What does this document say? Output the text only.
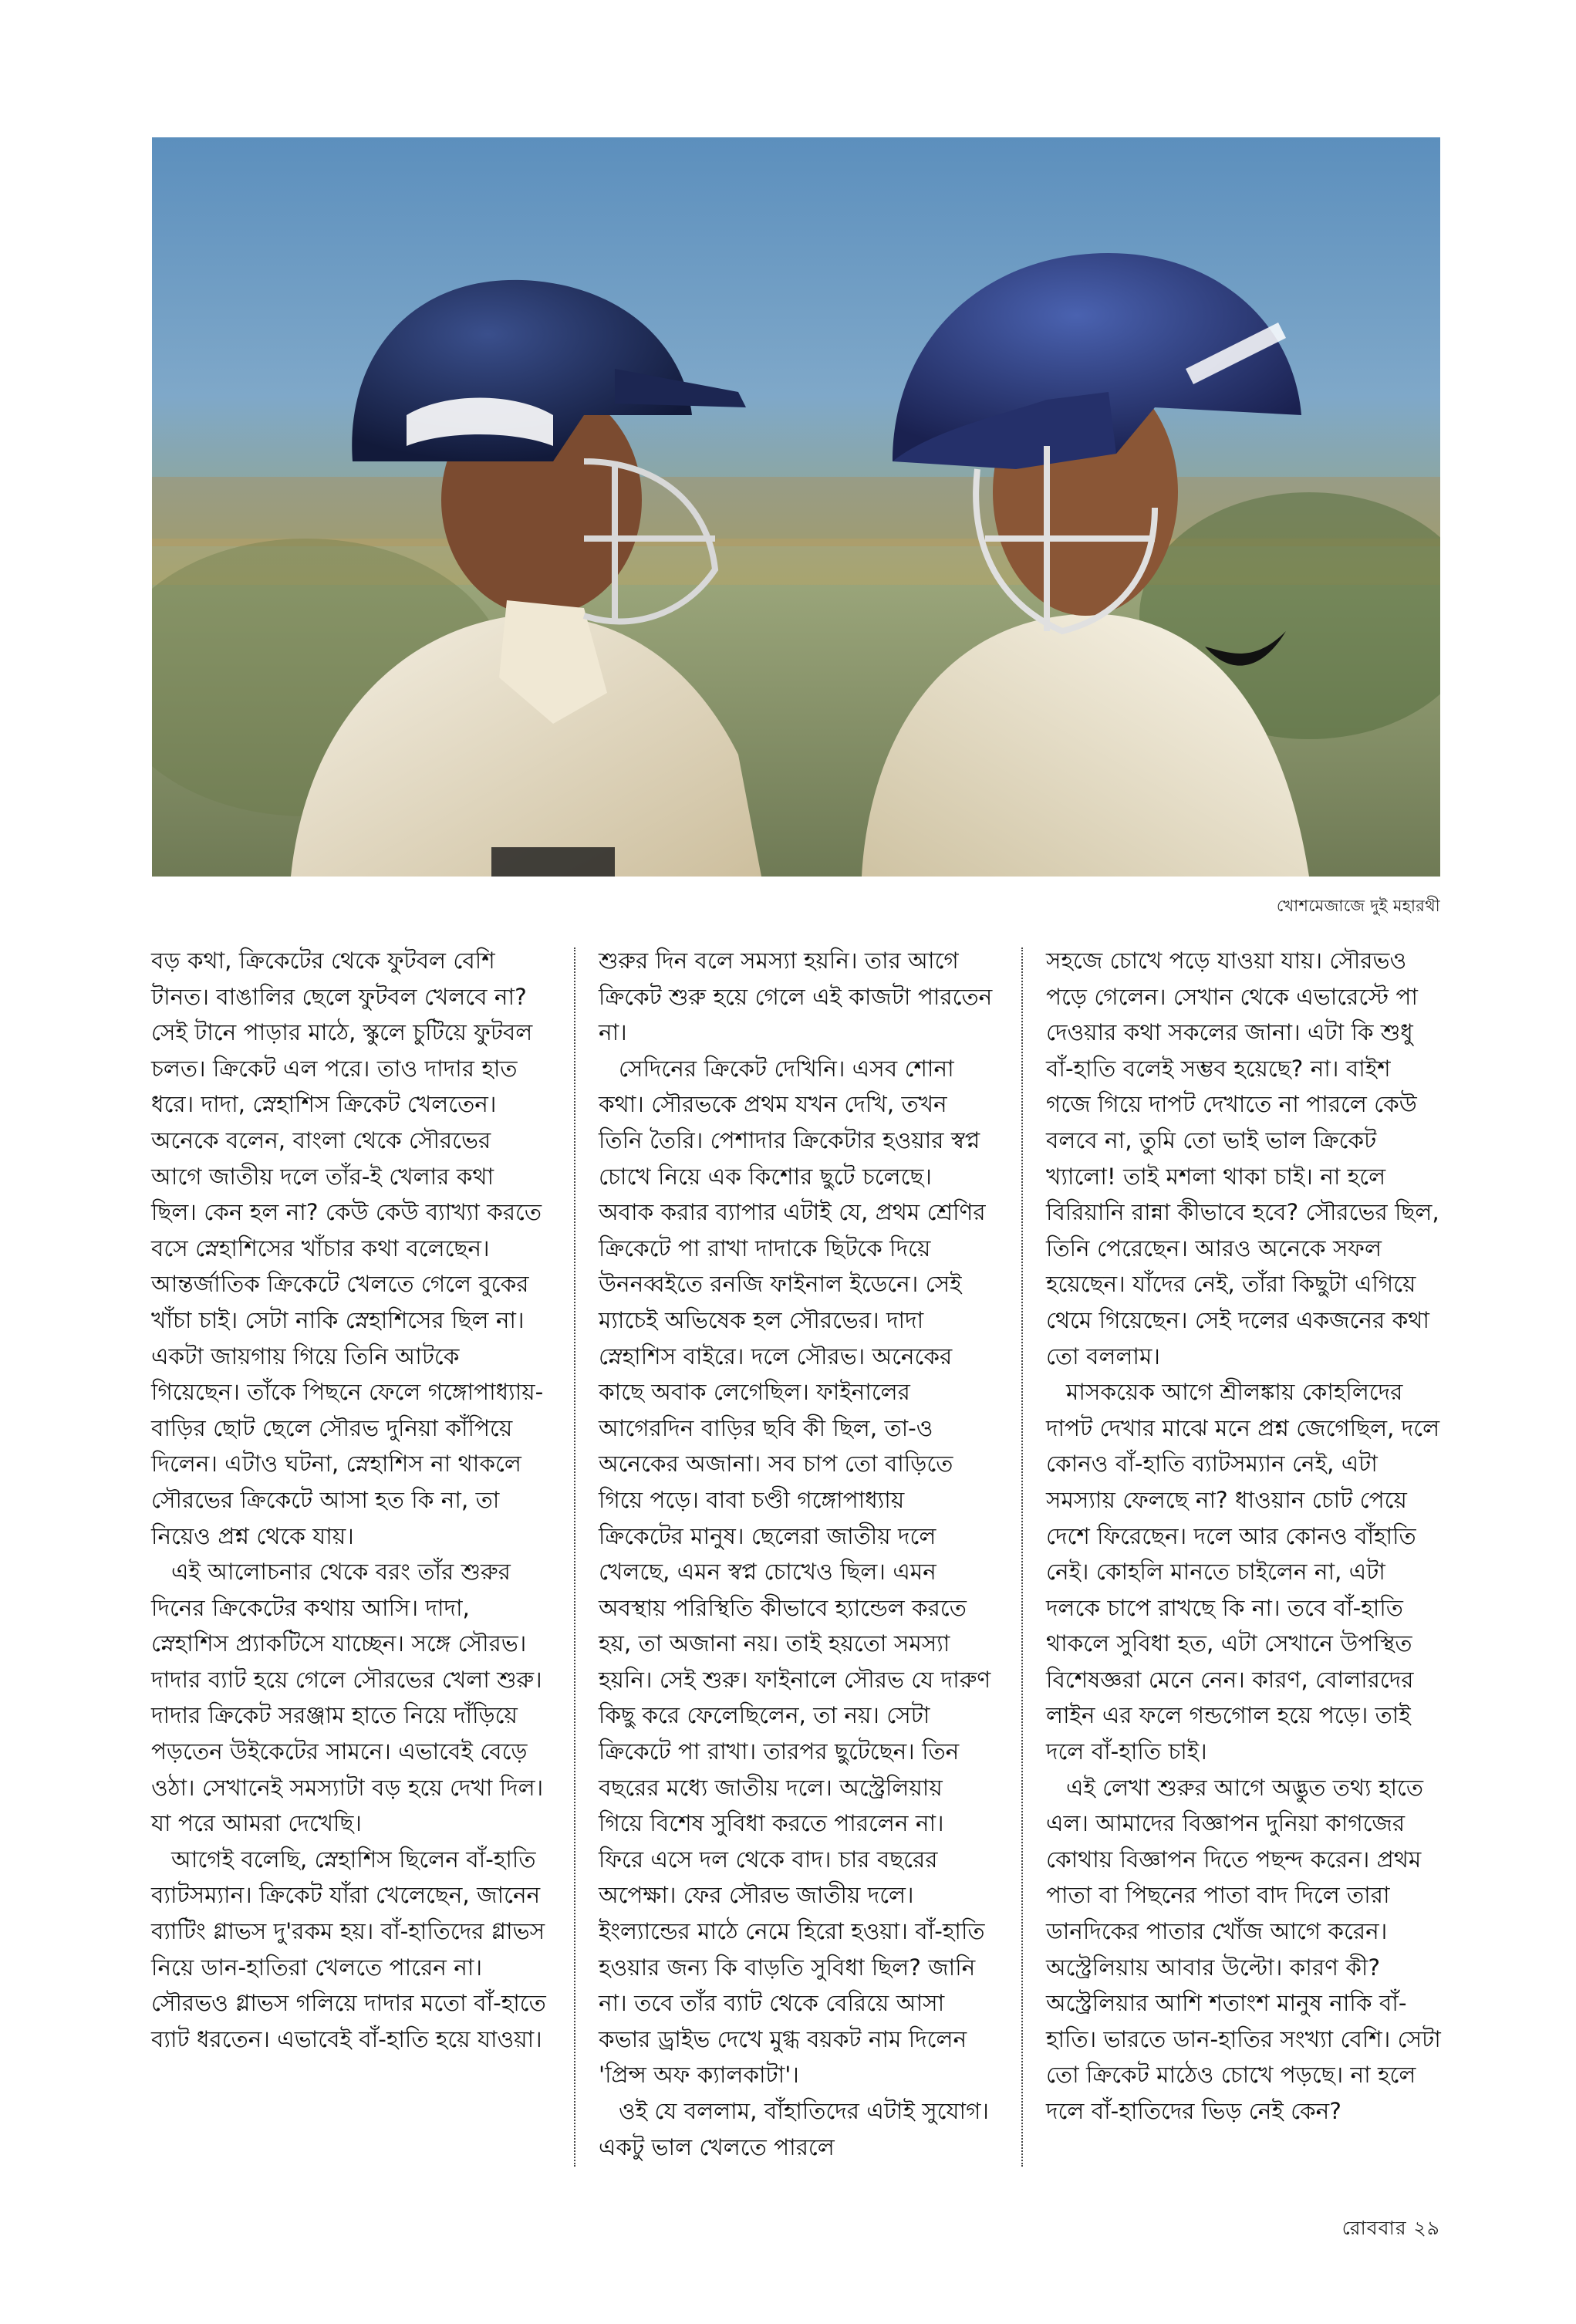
খোশমেজাজে দুই মহারথী

বড় কথা, ক্রিকেটের থেকে ফুটবল বেশি টানত। বাঙালির ছেলে ফুটবল খেলবে না? সেই টানে পাড়ার মাঠে, স্কুলে চুটিয়ে ফুটবল চলত। ক্রিকেট এল পরে। তাও দাদার হাত ধরে। দাদা, স্নেহাশিস ক্রিকেট খেলতেন। অনেকে বলেন, বাংলা থেকে সৌরভের আগে জাতীয় দলে তাঁর-ই খেলার কথা ছিল। কেন হল না? কেউ কেউ ব্যাখ্যা করতে বসে স্নেহাশিসের খাঁচার কথা বলেছেন। আন্তর্জাতিক ক্রিকেটে খেলতে গেলে বুকের খাঁচা চাই। সেটা নাকি স্নেহাশিসের ছিল না। একটা জায়গায় গিয়ে তিনি আটকে গিয়েছেন। তাঁকে পিছনে ফেলে গঙ্গোপাধ্যায়-বাড়ির ছোট ছেলে সৌরভ দুনিয়া কাঁপিয়ে দিলেন। এটাও ঘটনা, স্নেহাশিস না থাকলে সৌরভের ক্রিকেটে আসা হত কি না, তা নিয়েও প্রশ্ন থেকে যায়।

এই আলোচনার থেকে বরং তাঁর শুরুর দিনের ক্রিকেটের কথায় আসি। দাদা, স্নেহাশিস প্র্যাকটিসে যাচ্ছেন। সঙ্গে সৌরভ। দাদার ব্যাট হয়ে গেলে সৌরভের খেলা শুরু। দাদার ক্রিকেট সরঞ্জাম হাতে নিয়ে দাঁড়িয়ে পড়তেন উইকেটের সামনে। এভাবেই বেড়ে ওঠা। সেখানেই সমস্যাটা বড় হয়ে দেখা দিল। যা পরে আমরা দেখেছি।

আগেই বলেছি, স্নেহাশিস ছিলেন বাঁ-হাতি ব্যাটসম্যান। ক্রিকেট যাঁরা খেলেছেন, জানেন ব্যাটিং গ্লাভস দু'রকম হয়। বাঁ-হাতিদের গ্লাভস নিয়ে ডান-হাতিরা খেলতে পারেন না। সৌরভও গ্লাভস গলিয়ে দাদার মতো বাঁ-হাতে ব্যাট ধরতেন। এভাবেই বাঁ-হাতি হয়ে যাওয়া।

শুরুর দিন বলে সমস্যা হয়নি। তার আগে ক্রিকেট শুরু হয়ে গেলে এই কাজটা পারতেন না।

সেদিনের ক্রিকেট দেখিনি। এসব শোনা কথা। সৌরভকে প্রথম যখন দেখি, তখন তিনি তৈরি। পেশাদার ক্রিকেটার হওয়ার স্বপ্ন চোখে নিয়ে এক কিশোর ছুটে চলেছে। অবাক করার ব্যাপার এটাই যে, প্রথম শ্রেণির ক্রিকেটে পা রাখা দাদাকে ছিটকে দিয়ে উননব্বইতে রনজি ফাইনাল ইডেনে। সেই ম্যাচেই অভিষেক হল সৌরভের। দাদা স্নেহাশিস বাইরে। দলে সৌরভ। অনেকের কাছে অবাক লেগেছিল। ফাইনালের আগেরদিন বাড়ির ছবি কী ছিল, তা-ও অনেকের অজানা। সব চাপ তো বাড়িতে গিয়ে পড়ে। বাবা চণ্ডী গঙ্গোপাধ্যায় ক্রিকেটের মানুষ। ছেলেরা জাতীয় দলে খেলছে, এমন স্বপ্ন চোখেও ছিল। এমন অবস্থায় পরিস্থিতি কীভাবে হ্যান্ডেল করতে হয়, তা অজানা নয়। তাই হয়তো সমস্যা হয়নি। সেই শুরু। ফাইনালে সৌরভ যে দারুণ কিছু করে ফেলেছিলেন, তা নয়। সেটা ক্রিকেটে পা রাখা। তারপর ছুটেছেন। তিন বছরের মধ্যে জাতীয় দলে। অস্ট্রেলিয়ায় গিয়ে বিশেষ সুবিধা করতে পারলেন না। ফিরে এসে দল থেকে বাদ। চার বছরের অপেক্ষা। ফের সৌরভ জাতীয় দলে। ইংল্যান্ডের মাঠে নেমে হিরো হওয়া। বাঁ-হাতি হওয়ার জন্য কি বাড়তি সুবিধা ছিল? জানি না। তবে তাঁর ব্যাট থেকে বেরিয়ে আসা কভার ড্রাইভ দেখে মুগ্ধ বয়কট নাম দিলেন 'প্রিন্স অফ ক্যালকাটা'।

ওই যে বললাম, বাঁহাতিদের এটাই সুযোগ। একটু ভাল খেলতে পারলে

সহজে চোখে পড়ে যাওয়া যায়। সৌরভও পড়ে গেলেন। সেখান থেকে এভারেস্টে পা দেওয়ার কথা সকলের জানা। এটা কি শুধু বাঁ-হাতি বলেই সম্ভব হয়েছে? না। বাইশ গজে গিয়ে দাপট দেখাতে না পারলে কেউ বলবে না, তুমি তো ভাই ভাল ক্রিকেট খ্যালো! তাই মশলা থাকা চাই। না হলে বিরিয়ানি রান্না কীভাবে হবে? সৌরভের ছিল, তিনি পেরেছেন। আরও অনেকে সফল হয়েছেন। যাঁদের নেই, তাঁরা কিছুটা এগিয়ে থেমে গিয়েছেন। সেই দলের একজনের কথা তো বললাম।

মাসকয়েক আগে শ্রীলঙ্কায় কোহলিদের দাপট দেখার মাঝে মনে প্রশ্ন জেগেছিল, দলে কোনও বাঁ-হাতি ব্যাটসম্যান নেই, এটা সমস্যায় ফেলছে না? ধাওয়ান চোট পেয়ে দেশে ফিরেছেন। দলে আর কোনও বাঁহাতি নেই। কোহলি মানতে চাইলেন না, এটা দলকে চাপে রাখছে কি না। তবে বাঁ-হাতি থাকলে সুবিধা হত, এটা সেখানে উপস্থিত বিশেষজ্ঞরা মেনে নেন। কারণ, বোলারদের লাইন এর ফলে গন্ডগোল হয়ে পড়ে। তাই দলে বাঁ-হাতি চাই।

এই লেখা শুরুর আগে অদ্ভুত তথ্য হাতে এল। আমাদের বিজ্ঞাপন দুনিয়া কাগজের কোথায় বিজ্ঞাপন দিতে পছন্দ করেন। প্রথম পাতা বা পিছনের পাতা বাদ দিলে তারা ডানদিকের পাতার খোঁজ আগে করেন। অস্ট্রেলিয়ায় আবার উল্টো। কারণ কী? অস্ট্রেলিয়ার আশি শতাংশ মানুষ নাকি বাঁ-হাতি। ভারতে ডান-হাতির সংখ্যা বেশি। সেটা তো ক্রিকেট মাঠেও চোখে পড়ছে। না হলে দলে বাঁ-হাতিদের ভিড় নেই কেন?

রোববার ২৯
